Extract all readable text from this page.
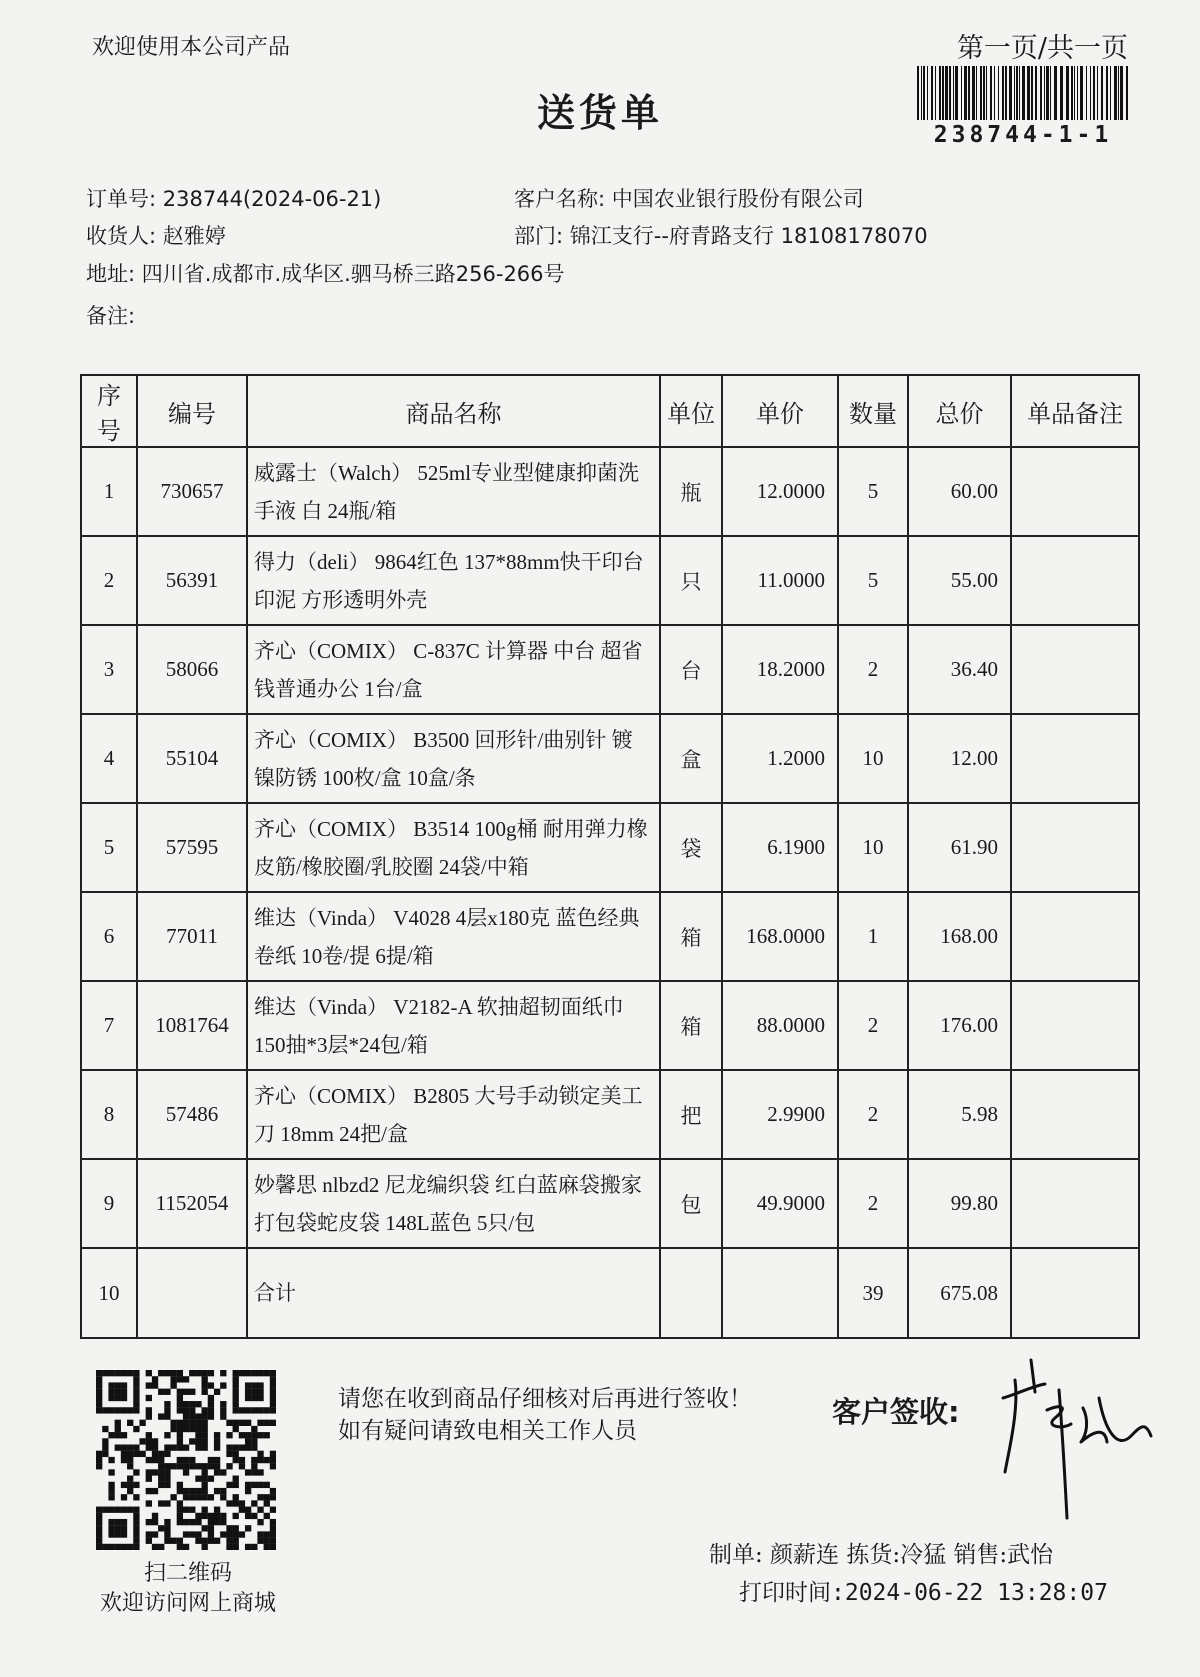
欢迎使用本公司产品	第一页/共一页
送货单	238744-1-1
订单号: 238744(2024-06-21)	客户名称: 中国农业银行股份有限公司
收货人: 赵雅婷	部门: 锦江支行--府青路支行 18108178070
地址: 四川省.成都市.成华区.驷马桥三路256-266号
备注:
序号	编号	商品名称	单位	单价	数量	总价	单品备注
1	730657	威露士（Walch） 525ml专业型健康抑菌洗手液 白 24瓶/箱	瓶	12.0000	5	60.00	
2	56391	得力（deli） 9864红色 137*88mm快干印台印泥 方形透明外壳	只	11.0000	5	55.00	
3	58066	齐心（COMIX） C-837C 计算器 中台 超省钱普通办公 1台/盒	台	18.2000	2	36.40	
4	55104	齐心（COMIX） B3500 回形针/曲别针 镀镍防锈 100枚/盒 10盒/条	盒	1.2000	10	12.00	
5	57595	齐心（COMIX） B3514 100g桶 耐用弹力橡皮筋/橡胶圈/乳胶圈 24袋/中箱	袋	6.1900	10	61.90	
6	77011	维达（Vinda） V4028 4层x180克 蓝色经典卷纸 10卷/提 6提/箱	箱	168.0000	1	168.00	
7	1081764	维达（Vinda） V2182-A 软抽超韧面纸巾 150抽*3层*24包/箱	箱	88.0000	2	176.00	
8	57486	齐心（COMIX） B2805 大号手动锁定美工刀 18mm 24把/盒	把	2.9900	2	5.98	
9	1152054	妙馨思 nlbzd2 尼龙编织袋 红白蓝麻袋搬家打包袋蛇皮袋 148L蓝色 5只/包	包	49.9000	2	99.80	
10		合计			39	675.08	
扫二维码
欢迎访问网上商城
请您在收到商品仔细核对后再进行签收！如有疑问请致电相关工作人员
客户签收:
制单: 颜薪连 拣货:冷猛 销售:武怡
打印时间:2024-06-22 13:28:07
